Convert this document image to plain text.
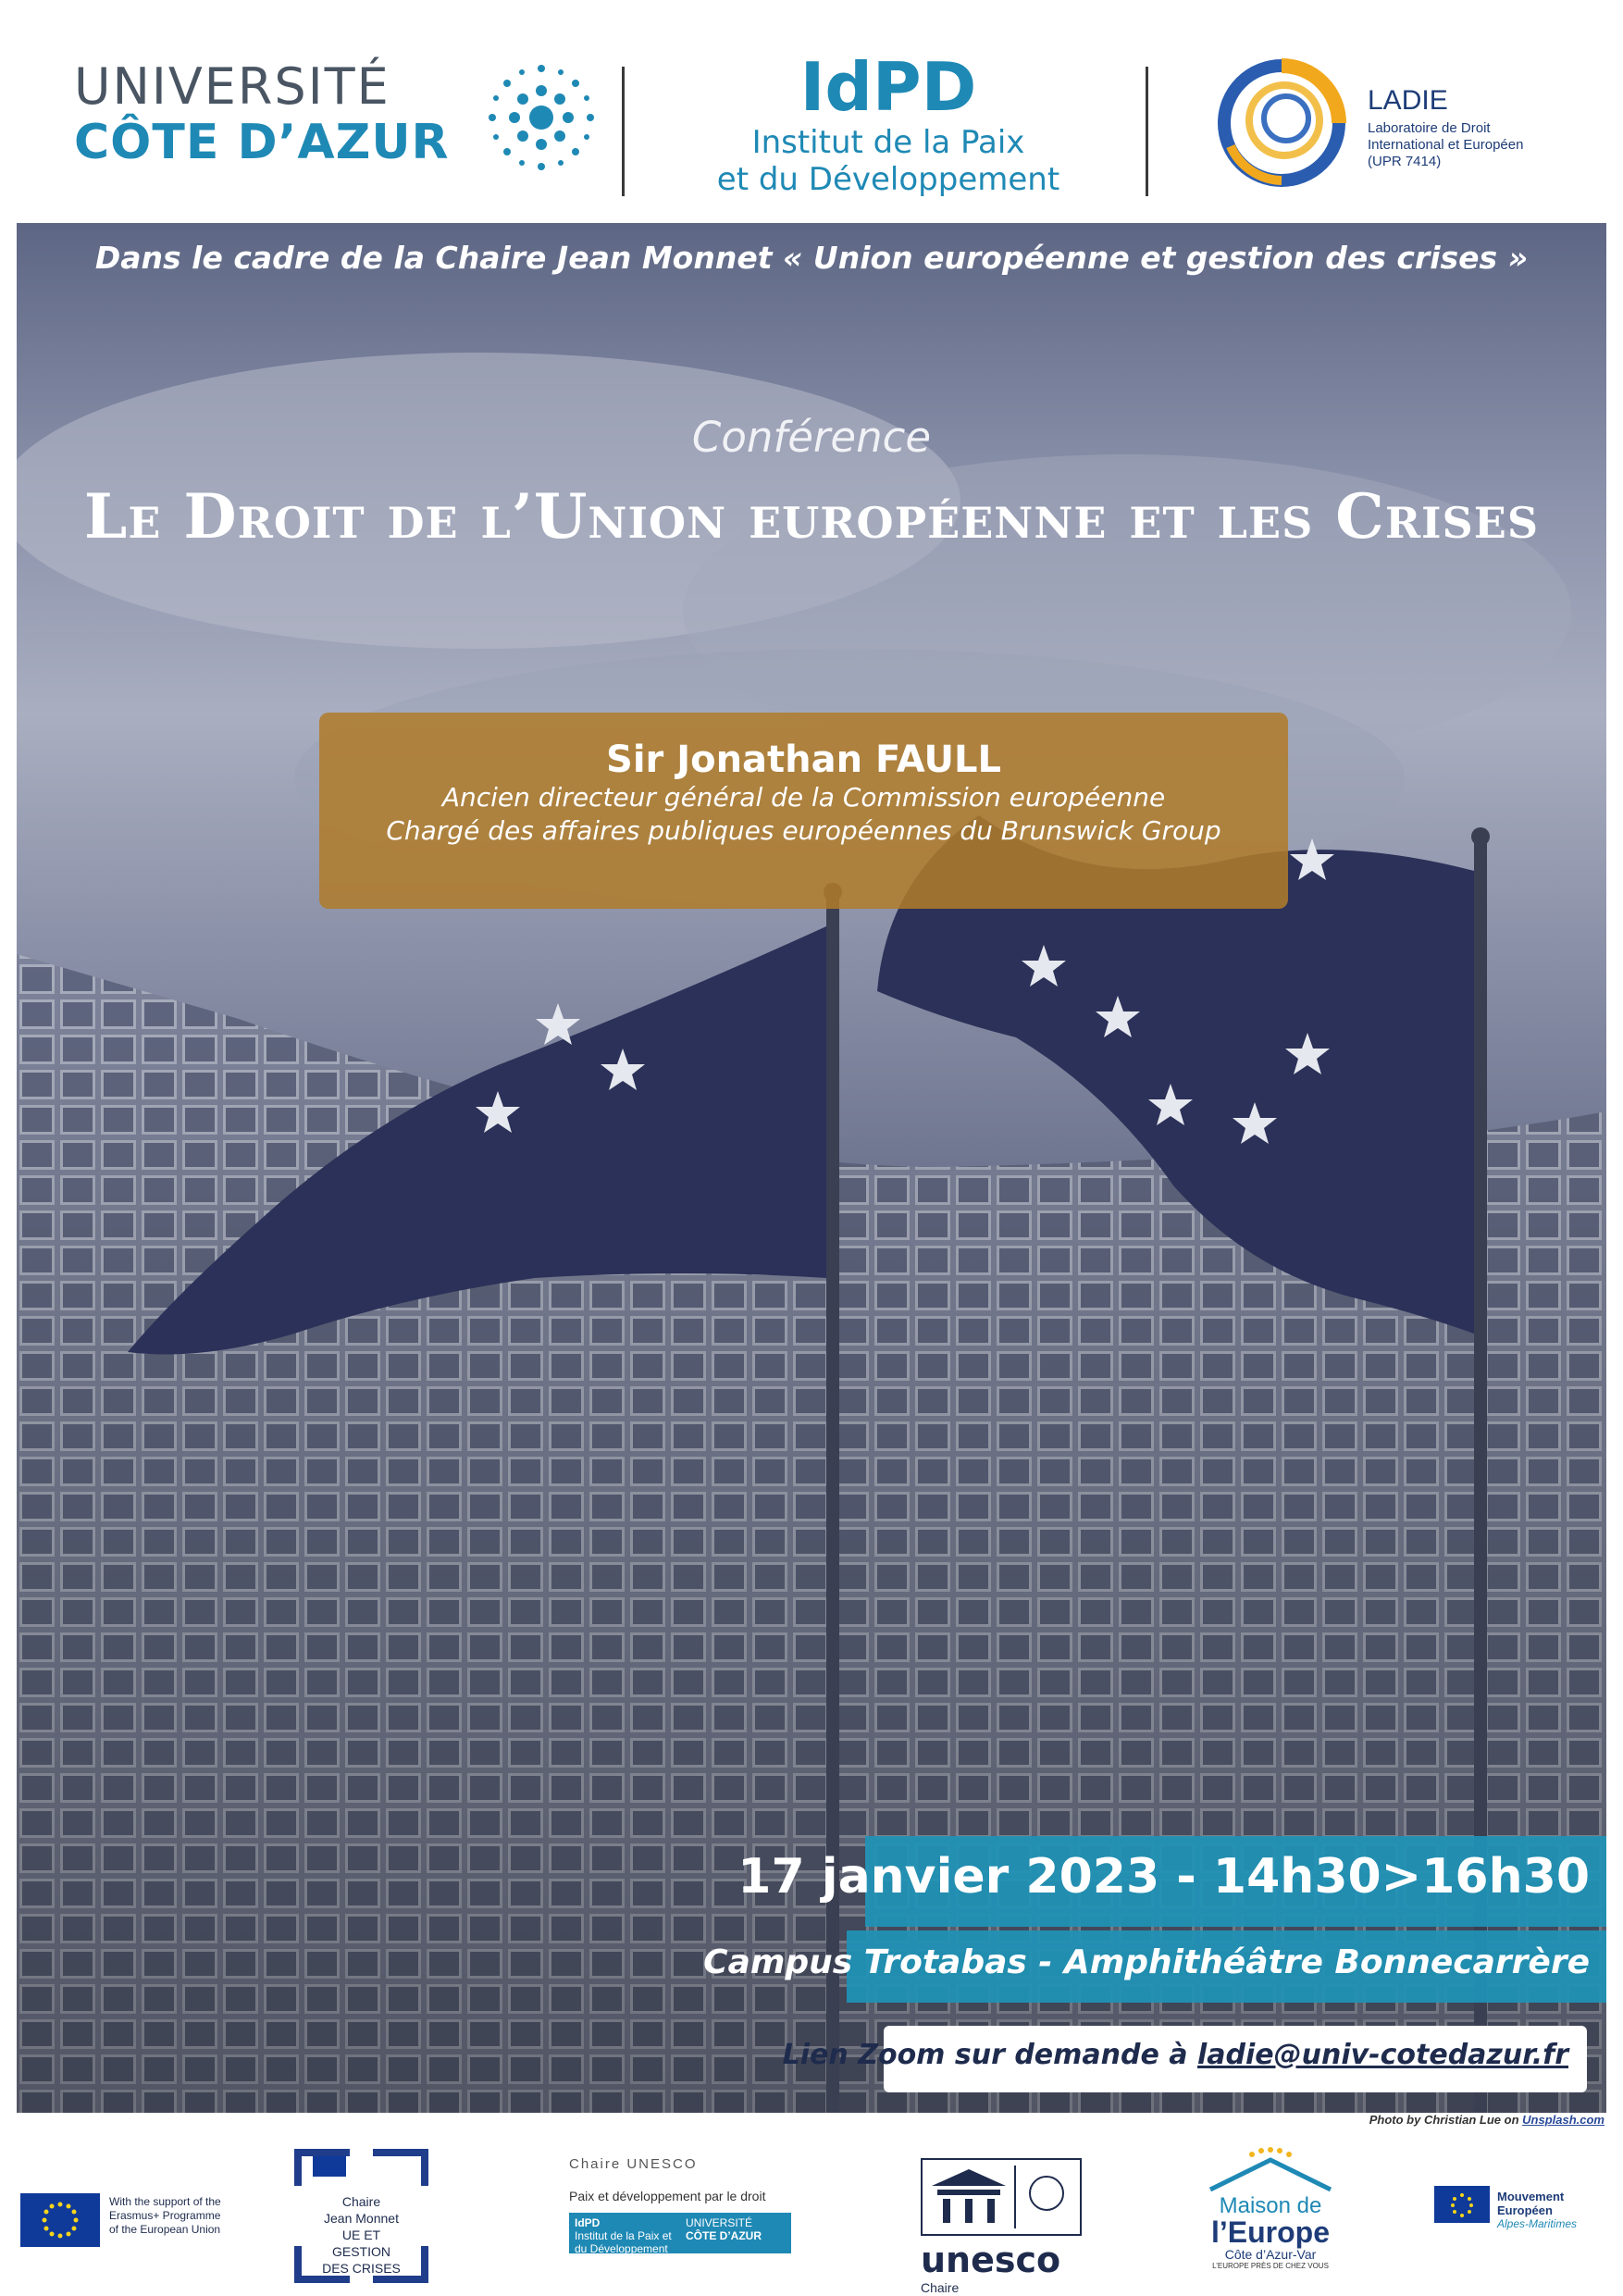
UNIVERSITÉ
CÔTE D’AZUR
IdPD
Institut de la Paix
et du Développement
LADIE
Laboratoire de Droit
International et Européen
(UPR 7414)
Dans le cadre de la Chaire Jean Monnet « Union européenne et gestion des crises »
Conférence
Le Droit de l’Union européenne et les Crises
Sir Jonathan FAULL
Ancien directeur général de la Commission européenne
Chargé des affaires publiques européennes du Brunswick Group
17 janvier 2023 - 14h30>16h30
Campus Trotabas - Amphithéâtre Bonnecarrère
Lien Zoom sur demande à ladie@univ-cotedazur.fr
Photo by Christian Lue on Unsplash.com
With the support of the
Erasmus+ Programme
of the European Union
Chaire
Jean Monnet
UE ET
GESTION
DES CRISES
Chaire UNESCO
Paix et développement par le droit
IdPD
Institut de la Paix et du Développement
UNIVERSITÉ
CÔTE D’AZUR
unesco
Chaire
Maison de
l’Europe
Côte d’Azur-Var
L’EUROPE PRÈS DE CHEZ VOUS
Mouvement
Européen
Alpes-Maritimes
